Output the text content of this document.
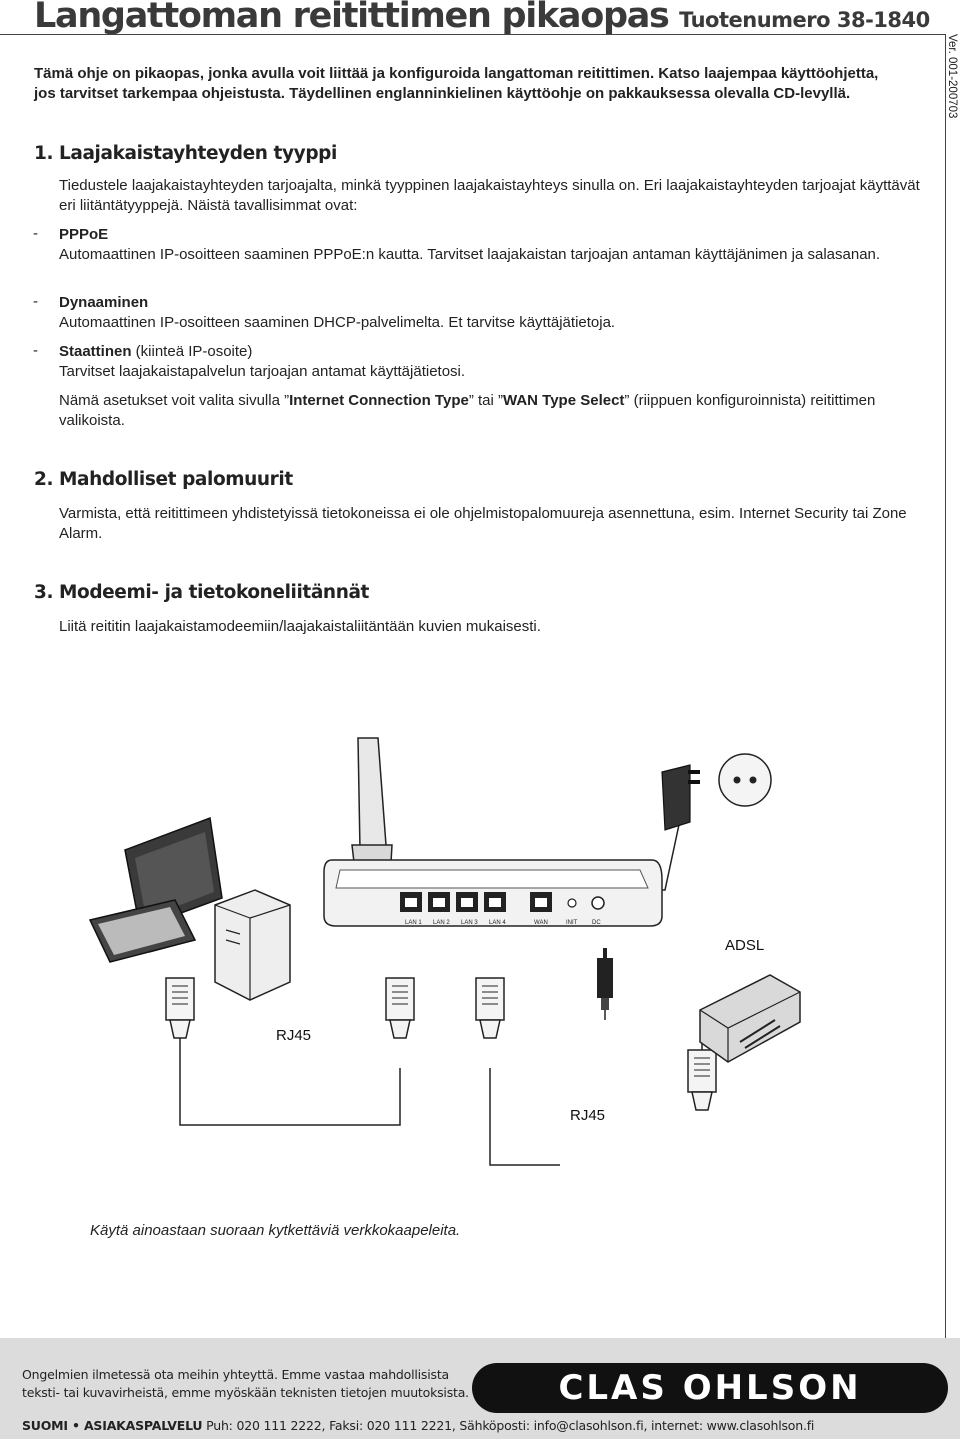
Langattoman reitittimen pikaopas Tuotenumero 38-1840
Ver. 001-200703
Tämä ohje on pikaopas, jonka avulla voit liittää ja konfiguroida langattoman reitittimen. Katso laajempaa käyttöohjetta, jos tarvitset tarkempaa ohjeistusta. Täydellinen englanninkielinen käyttöohje on pakkauksessa olevalla CD-levyllä.
1. Laajakaistayhteyden tyyppi
Tiedustele laajakaistayhteyden tarjoajalta, minkä tyyppinen laajakaistayhteys sinulla on. Eri laajakaistayhteyden tarjoajat käyttävät eri liitäntätyyppejä. Näistä tavallisimmat ovat:
- PPPoE
Automaattinen IP-osoitteen saaminen PPPoE:n kautta. Tarvitset laajakaistan tarjoajan antaman käyttäjänimen ja salasanan.
- Dynaaminen
Automaattinen IP-osoitteen saaminen DHCP-palvelimelta. Et tarvitse käyttäjätietoja.
- Staattinen (kiinteä IP-osoite)
Tarvitset laajakaistapalvelun tarjoajan antamat käyttäjätietosi.
Nämä asetukset voit valita sivulla ”Internet Connection Type” tai ”WAN Type Select” (riippuen konfiguroinnista) reitittimen valikoista.
2. Mahdolliset palomuurit
Varmista, että reitittimeen yhdistetyissä tietokoneissa ei ole ohjelmistopalomuureja asennettuna, esim. Internet Security tai Zone Alarm.
3. Modeemi- ja tietokoneliitännät
Liitä reititin laajakaistamodeemiin/laajakaistaliitäntään kuvien mukaisesti.
LAN 1 LAN 2 LAN 3 LAN 4	WAN	INIT DC
ADSL
RJ45
RJ45
Käytä ainoastaan suoraan kytkettäviä verkkokaapeleita.
Ongelmien ilmetessä ota meihin yhteyttä. Emme vastaa mahdollisista
teksti- tai kuvavirheistä, emme myöskään teknisten tietojen muutoksista.	CLAS OHLSON
SUOMI • ASIAKASPALVELU Puh: 020 111 2222, Faksi: 020 111 2221, Sähköposti: info@clasohlson.fi, internet: www.clasohlson.fi
